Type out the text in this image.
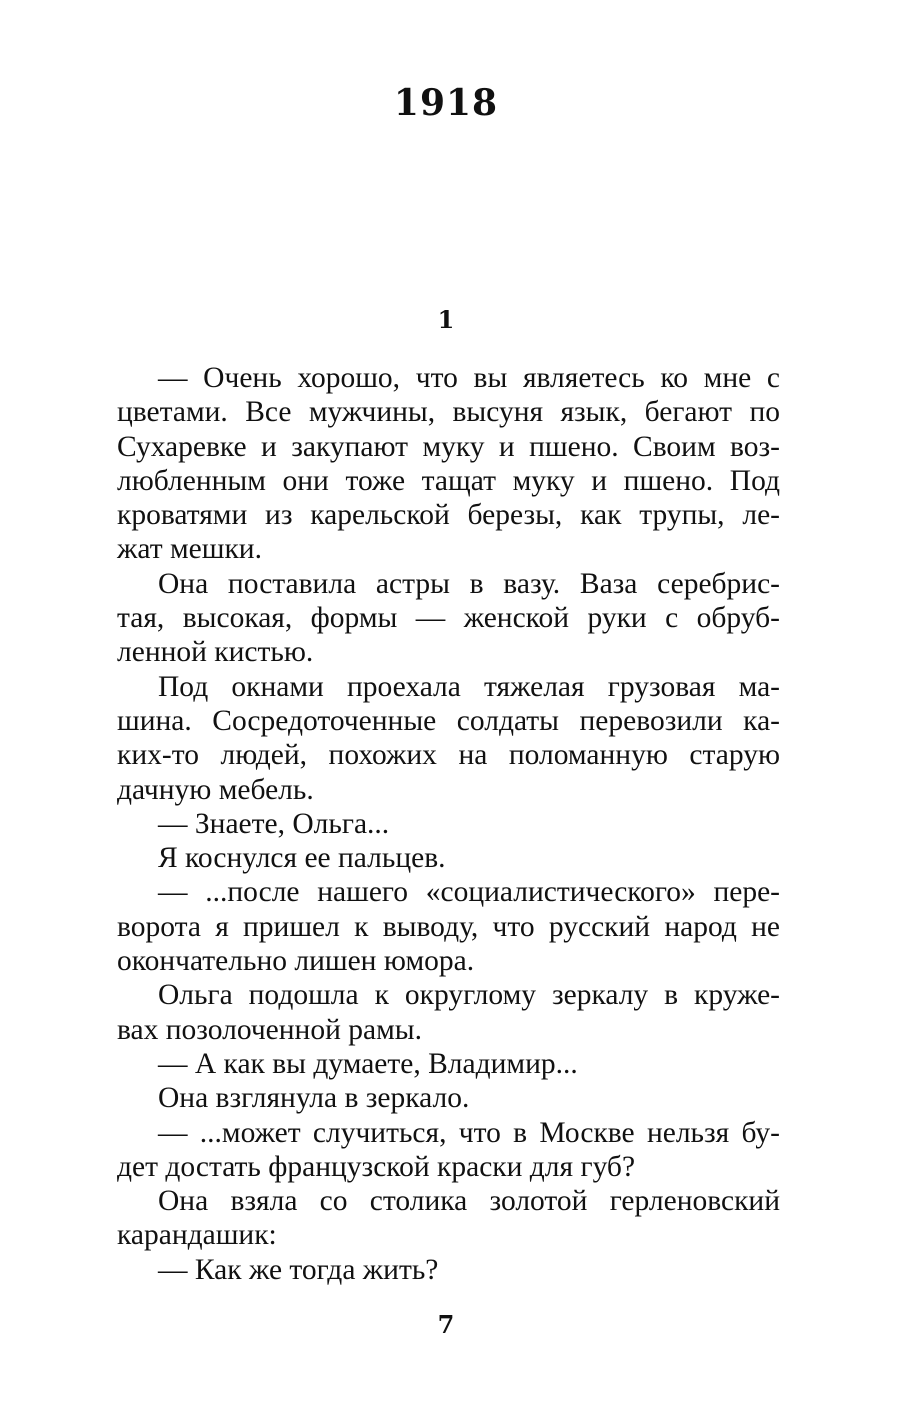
1918
1
— Очень хорошо, что вы являетесь ко мне с
цветами. Все мужчины, высуня язык, бегают по
Сухаревке и закупают муку и пшено. Своим воз-
любленным они тоже тащат муку и пшено. Под
кроватями из карельской березы, как трупы, ле-
жат мешки.
Она поставила астры в вазу. Ваза серебрис-
тая, высокая, формы — женской руки с обруб-
ленной кистью.
Под окнами проехала тяжелая грузовая ма-
шина. Сосредоточенные солдаты перевозили ка-
ких-то людей, похожих на поломанную старую
дачную мебель.
— Знаете, Ольга...
Я коснулся ее пальцев.
— ...после нашего «социалистического» пере-
ворота я пришел к выводу, что русский народ не
окончательно лишен юмора.
Ольга подошла к округлому зеркалу в круже-
вах позолоченной рамы.
— А как вы думаете, Владимир...
Она взглянула в зеркало.
— ...может случиться, что в Москве нельзя бу-
дет достать французской краски для губ?
Она взяла со столика золотой герленовский
карандашик:
— Как же тогда жить?
7
